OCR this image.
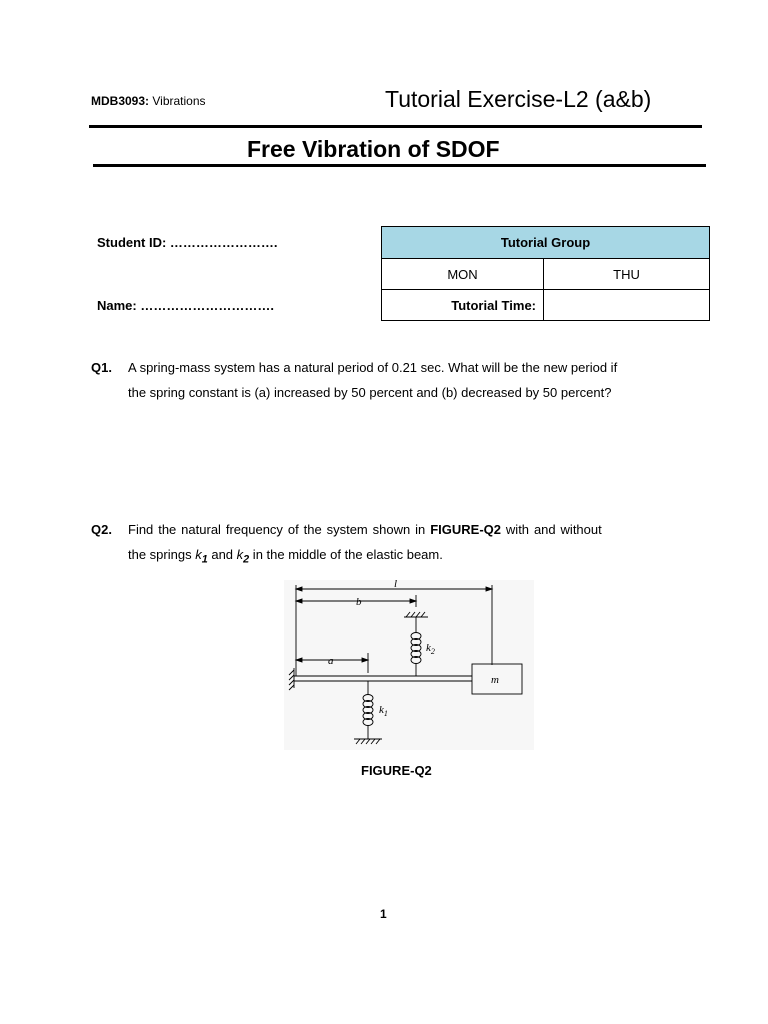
MDB3093: Vibrations	Tutorial Exercise-L2 (a&b)
Free Vibration of SDOF
Student ID: …………………….
Name: ………………………….
Tutorial Group	
MON	THU
Tutorial Time:	
Q1. A spring-mass system has a natural period of 0.21 sec. What will be the new period if
the spring constant is (a) increased by 50 percent and (b) decreased by 50 percent?
Q2. Find the natural frequency of the system shown in FIGURE-Q2 with and without
the springs $k_1$ and $k_2$ in the middle of the elastic beam.
l
b
a
m
$k_2$
$k_1$
FIGURE-Q2
1
